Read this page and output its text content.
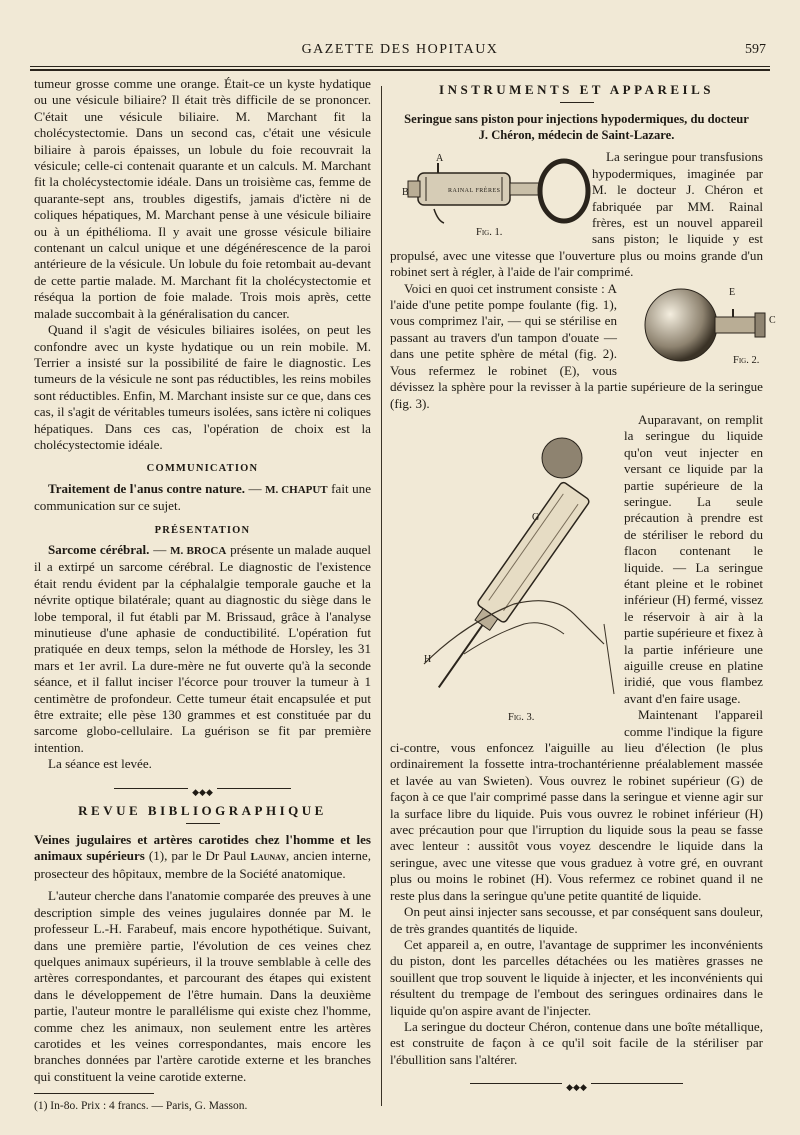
GAZETTE DES HOPITAUX	597

tumeur grosse comme une orange. Était-ce un kyste hydatique ou une vésicule biliaire? Il était très difficile de se prononcer. C'était une vésicule biliaire. M. Marchant fit la cholécystectomie. Dans un second cas, c'était une vésicule biliaire à parois épaisses, un lobule du foie recouvrait la vésicule; celle-ci contenait quarante et un calculs. M. Marchant fit la cholécystectomie idéale. Dans un troisième cas, femme de quarante-sept ans, troubles digestifs, jamais d'ictère ni de coliques hépatiques, M. Marchant pense à une vésicule biliaire ou à un épithélioma. Il y avait une grosse vésicule biliaire contenant un calcul unique et une dégénérescence de la paroi antérieure de la vésicule. Un lobule du foie retombait au-devant de cette partie malade. M. Marchant fit la cholécystectomie et réséqua la portion de foie malade. Trois mois après, cette malade succombait à la généralisation du cancer.

Quand il s'agit de vésicules biliaires isolées, on peut les confondre avec un kyste hydatique ou un rein mobile. M. Terrier a insisté sur la possibilité de faire le diagnostic. Les tumeurs de la vésicule ne sont pas réductibles, les reins mobiles sont réductibles. Enfin, M. Marchant insiste sur ce que, dans ces cas, il s'agit de véritables tumeurs isolées, sans ictère ni coliques hépatiques. Dans ces cas, l'opération de choix est la cholécystectomie idéale.

COMMUNICATION

Traitement de l'anus contre nature. — M. CHAPUT fait une communication sur ce sujet.

PRÉSENTATION

Sarcome cérébral. — M. BROCA présente un malade auquel il a extirpé un sarcome cérébral. Le diagnostic de l'existence était rendu évident par la céphalalgie temporale gauche et la névrite optique bilatérale; quant au diagnostic du siège dans le lobe temporal, il fut établi par M. Brissaud, grâce à l'analyse minutieuse d'une aphasie de conductibilité. L'opération fut pratiquée en deux temps, selon la méthode de Horsley, les 31 mars et 1er avril. La dure-mère ne fut ouverte qu'à la seconde séance, et il fallut inciser l'écorce pour trouver la tumeur à 1 centimètre de profondeur. Cette tumeur était encapsulée et put être extraite; elle pèse 130 grammes et est constituée par du sarcome globo-cellulaire. La guérison se fit par première intention.

La séance est levée.

◆◆◆
REVUE BIBLIOGRAPHIQUE

Veines jugulaires et artères carotides chez l'homme et les animaux supérieurs (1), par le Dr Paul Launay, ancien interne, prosecteur des hôpitaux, membre de la Société anatomique.

L'auteur cherche dans l'anatomie comparée des preuves à une description simple des veines jugulaires donnée par M. le professeur L.-H. Farabeuf, mais encore hypothétique. Suivant, dans une première partie, l'évolution de ces veines chez quelques animaux supérieurs, il la trouve semblable à celle des artères correspondantes, et parcourant des étapes qui existent dans le développement de l'être humain. Dans la deuxième partie, l'auteur montre le parallélisme qui existe chez l'homme, comme chez les animaux, non seulement entre les artères carotides et les veines correspondantes, mais encore les branches données par l'artère carotide externe et les branches qui constituent la veine carotide externe.

(1) In-8o. Prix : 4 francs. — Paris, G. Masson.

INSTRUMENTS ET APPAREILS
Seringue sans piston pour injections hypodermiques, du docteur J. Chéron, médecin de Saint-Lazare.

A
B	RAINAL FRÈRES
Fig. 1.
La seringue pour transfusions hypodermiques, imaginée par M. le docteur J. Chéron et fabriquée par MM. Rainal frères, est un nouvel appareil sans piston; le liquide y est propulsé, avec une vitesse que l'ouverture plus ou moins grande d'un robinet sert à régler, à l'aide de l'air comprimé.

E
C
Fig. 2.
Voici en quoi cet instrument consiste : A l'aide d'une petite pompe foulante (fig. 1), vous comprimez l'air, — qui se stérilise en passant au travers d'un tampon d'ouate — dans une petite sphère de métal (fig. 2). Vous refermez le robinet (E), vous dévissez la sphère pour la revisser à la partie supérieure de la seringue (fig. 3).

G
H
Fig. 3.
Auparavant, on remplit la seringue du liquide qu'on veut injecter en versant ce liquide par la partie supérieure de la seringue. La seule précaution à prendre est de stériliser le rebord du flacon contenant le liquide. — La seringue étant pleine et le robinet inférieur (H) fermé, vissez le réservoir à air à la partie supérieure et fixez à la partie inférieure une aiguille creuse en platine iridié, que vous flambez avant d'en faire usage.

Maintenant l'appareil comme l'indique la figure ci-contre, vous enfoncez l'aiguille au lieu d'élection (le plus ordinairement la fossette intra-trochantérienne préalablement massée et lavée au van Swieten). Vous ouvrez le robinet supérieur (G) de façon à ce que l'air comprimé passe dans la seringue et vienne agir sur la surface libre du liquide. Puis vous ouvrez le robinet inférieur (H) avec précaution pour que l'irruption du liquide sous la peau se fasse avec lenteur : aussitôt vous voyez descendre le liquide dans la seringue, avec une vitesse que vous graduez à votre gré, en ouvrant plus ou moins le robinet (H). Vous refermez ce robinet quand il ne reste plus dans la seringue qu'une petite quantité de liquide.

On peut ainsi injecter sans secousse, et par conséquent sans douleur, de très grandes quantités de liquide.

Cet appareil a, en outre, l'avantage de supprimer les inconvénients du piston, dont les parcelles détachées ou les matières grasses ne souillent que trop souvent le liquide à injecter, et les inconvénients qui résultent du trempage de l'embout des seringues ordinaires dans le liquide qu'on aspire avant de l'injecter.

La seringue du docteur Chéron, contenue dans une boîte métallique, est construite de façon à ce qu'il soit facile de la stériliser par l'ébullition sans l'altérer.

◆◆◆
